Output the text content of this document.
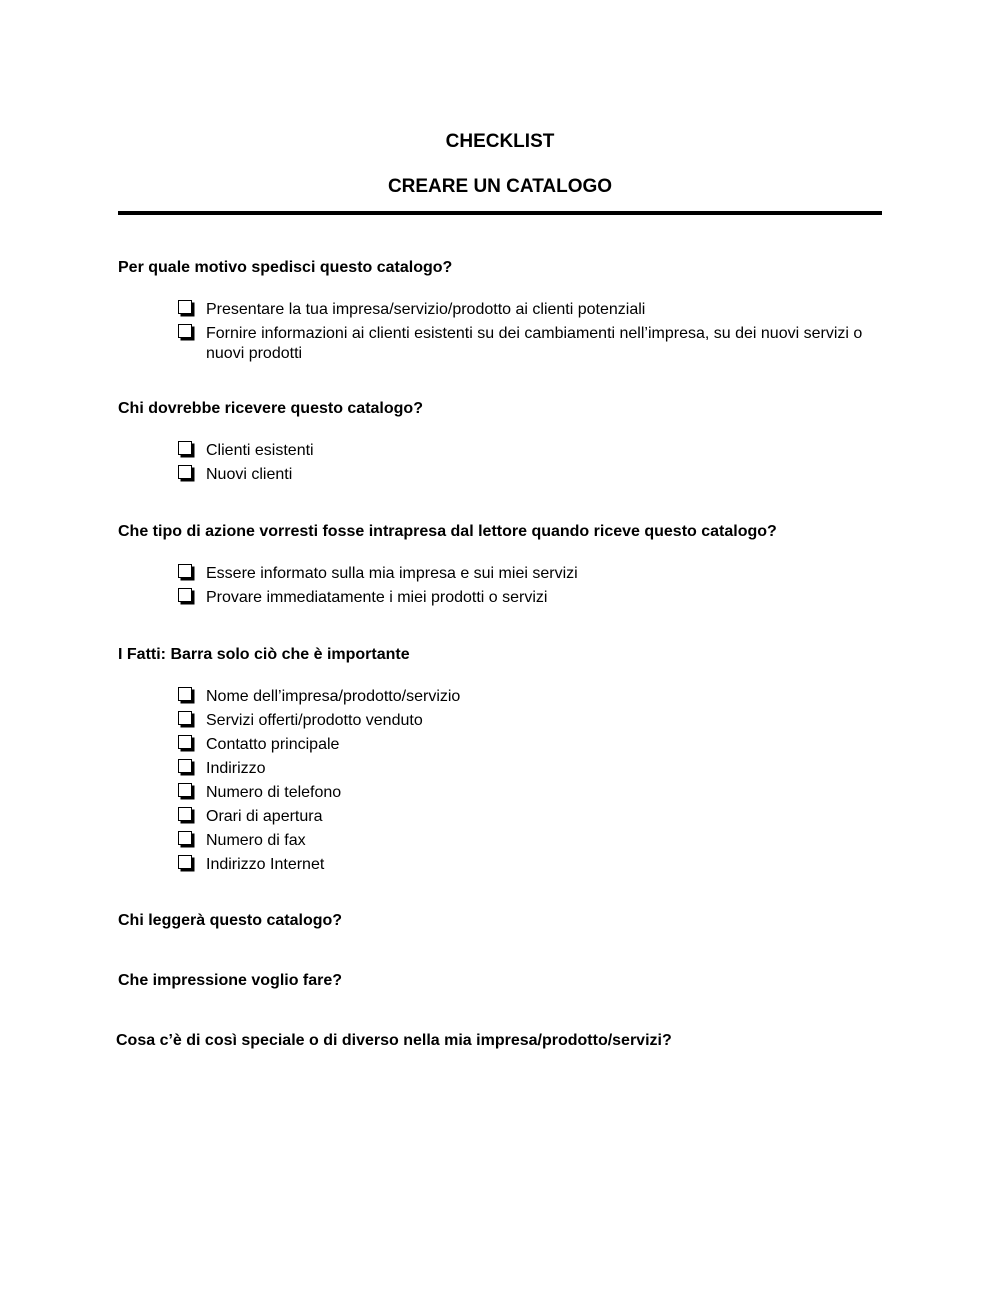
CHECKLIST
CREARE UN CATALOGO
Per quale motivo spedisci questo catalogo?
Presentare la tua impresa/servizio/prodotto ai clienti potenziali
Fornire informazioni ai clienti esistenti su dei cambiamenti nell’impresa, su dei nuovi servizi o nuovi prodotti
Chi dovrebbe ricevere questo catalogo?
Clienti esistenti
Nuovi clienti
Che tipo di azione vorresti fosse intrapresa dal lettore quando riceve questo catalogo?
Essere informato sulla mia impresa e sui miei servizi
Provare immediatamente i miei prodotti o servizi
I Fatti: Barra solo ciò che è importante
Nome dell’impresa/prodotto/servizio
Servizi offerti/prodotto venduto
Contatto principale
Indirizzo
Numero di telefono
Orari di apertura
Numero di fax
Indirizzo Internet
Chi leggerà questo catalogo?
Che impressione voglio fare?
Cosa c’è di così speciale o di diverso nella mia impresa/prodotto/servizi?
